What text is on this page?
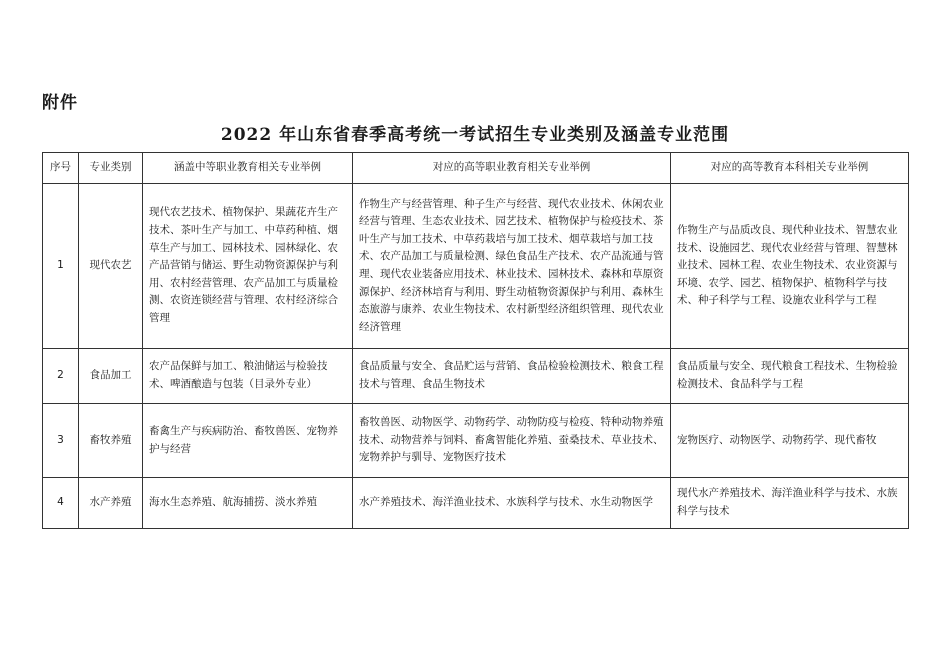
附件
2022 年山东省春季高考统一考试招生专业类别及涵盖专业范围
序号	专业类别	涵盖中等职业教育相关专业举例	对应的高等职业教育相关专业举例	对应的高等教育本科相关专业举例
1	现代农艺	现代农艺技术、植物保护、果蔬花卉生产技术、茶叶生产与加工、中草药种植、烟草生产与加工、园林技术、园林绿化、农产品营销与储运、野生动物资源保护与利用、农村经营管理、农产品加工与质量检测、农资连锁经营与管理、农村经济综合管理	作物生产与经营管理、种子生产与经营、现代农业技术、休闲农业经营与管理、生态农业技术、园艺技术、植物保护与检疫技术、茶叶生产与加工技术、中草药栽培与加工技术、烟草栽培与加工技术、农产品加工与质量检测、绿色食品生产技术、农产品流通与管理、现代农业装备应用技术、林业技术、园林技术、森林和草原资源保护、经济林培育与利用、野生动植物资源保护与利用、森林生态旅游与康养、农业生物技术、农村新型经济组织管理、现代农业经济管理	作物生产与品质改良、现代种业技术、智慧农业技术、设施园艺、现代农业经营与管理、智慧林业技术、园林工程、农业生物技术、农业资源与环境、农学、园艺、植物保护、植物科学与技术、种子科学与工程、设施农业科学与工程
2	食品加工	农产品保鲜与加工、粮油储运与检验技术、啤酒酿造与包装（目录外专业）	食品质量与安全、食品贮运与营销、食品检验检测技术、粮食工程技术与管理、食品生物技术	食品质量与安全、现代粮食工程技术、生物检验检测技术、食品科学与工程
3	畜牧养殖	畜禽生产与疾病防治、畜牧兽医、宠物养护与经营	畜牧兽医、动物医学、动物药学、动物防疫与检疫、特种动物养殖技术、动物营养与饲料、畜禽智能化养殖、蚕桑技术、草业技术、宠物养护与驯导、宠物医疗技术	宠物医疗、动物医学、动物药学、现代畜牧
4	水产养殖	海水生态养殖、航海捕捞、淡水养殖	水产养殖技术、海洋渔业技术、水族科学与技术、水生动物医学	现代水产养殖技术、海洋渔业科学与技术、水族科学与技术
